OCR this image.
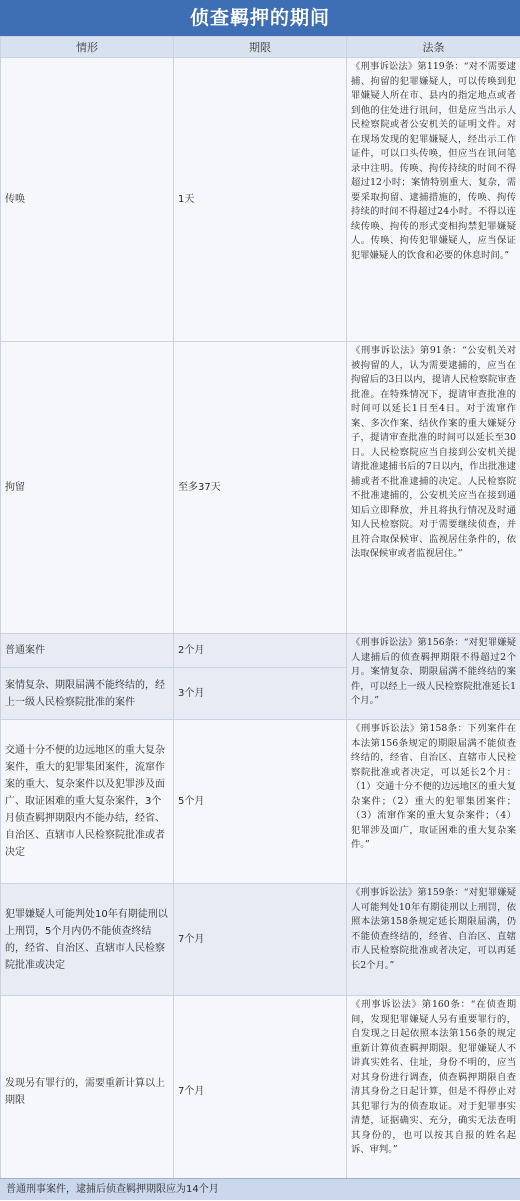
侦查羁押的期间
情形	期限	法条
传唤	1天	《刑事诉讼法》第119条：“对不需要逮捕、拘留的犯罪嫌疑人，可以传唤到犯罪嫌疑人所在市、县内的指定地点或者到他的住处进行讯问，但是应当出示人民检察院或者公安机关的证明文件。对在现场发现的犯罪嫌疑人，经出示工作证件，可以口头传唤，但应当在讯问笔录中注明。传唤、拘传持续的时间不得超过12小时；案情特别重大、复杂，需要采取拘留、逮捕措施的，传唤、拘传持续的时间不得超过24小时。不得以连续传唤、拘传的形式变相拘禁犯罪嫌疑人。传唤、拘传犯罪嫌疑人，应当保证犯罪嫌疑人的饮食和必要的休息时间。”
拘留	至多37天	《刑事诉讼法》第91条：“公安机关对被拘留的人，认为需要逮捕的，应当在拘留后的3日以内，提请人民检察院审查批准。在特殊情况下，提请审查批准的时间可以延长1日至4日。对于流窜作案、多次作案、结伙作案的重大嫌疑分子，提请审查批准的时间可以延长至30日。人民检察院应当自接到公安机关提请批准逮捕书后的7日以内，作出批准逮捕或者不批准逮捕的决定。人民检察院不批准逮捕的，公安机关应当在接到通知后立即释放，并且将执行情况及时通知人民检察院。对于需要继续侦查，并且符合取保候审、监视居住条件的，依法取保候审或者监视居住。”
普通案件	2个月	《刑事诉讼法》第156条：“对犯罪嫌疑人逮捕后的侦查羁押期限不得超过2个月。案情复杂、期限届满不能终结的案件，可以经上一级人民检察院批准延长1个月。”
案情复杂、期限届满不能终结的，经上一级人民检察院批准的案件	3个月	
交通十分不便的边远地区的重大复杂案件，重大的犯罪集团案件，流窜作案的重大、复杂案件以及犯罪涉及面广、取证困难的重大复杂案件，3个月侦查羁押期限内不能办结，经省、自治区、直辖市人民检察院批准或者决定	5个月	《刑事诉讼法》第158条：下列案件在本法第156条规定的期限届满不能侦查终结的，经省、自治区、直辖市人民检察院批准或者决定，可以延长2个月：（1）交通十分不便的边远地区的重大复杂案件；（2）重大的犯罪集团案件；（3）流窜作案的重大复杂案件；（4）犯罪涉及面广，取证困难的重大复杂案件。”
犯罪嫌疑人可能判处10年有期徒刑以上刑罚，5个月内仍不能侦查终结的，经省、自治区、直辖市人民检察院批准或决定	7个月	《刑事诉讼法》第159条：“对犯罪嫌疑人可能判处10年有期徒刑以上刑罚，依照本法第158条规定延长期限届满，仍不能侦查终结的，经省、自治区、直辖市人民检察院批准或者决定，可以再延长2个月。”
发现另有罪行的，需要重新计算以上期限	7个月	《刑事诉讼法》第160条：“在侦查期间，发现犯罪嫌疑人另有重要罪行的，自发现之日起依照本法第156条的规定重新计算侦查羁押期限。犯罪嫌疑人不讲真实姓名、住址，身份不明的，应当对其身份进行调查，侦查羁押期限自查清其身份之日起计算，但是不得停止对其犯罪行为的侦查取证。对于犯罪事实清楚，证据确实、充分，确实无法查明其身份的，也可以按其自报的姓名起诉、审判。”
普通刑事案件，逮捕后侦查羁押期限应为14个月
